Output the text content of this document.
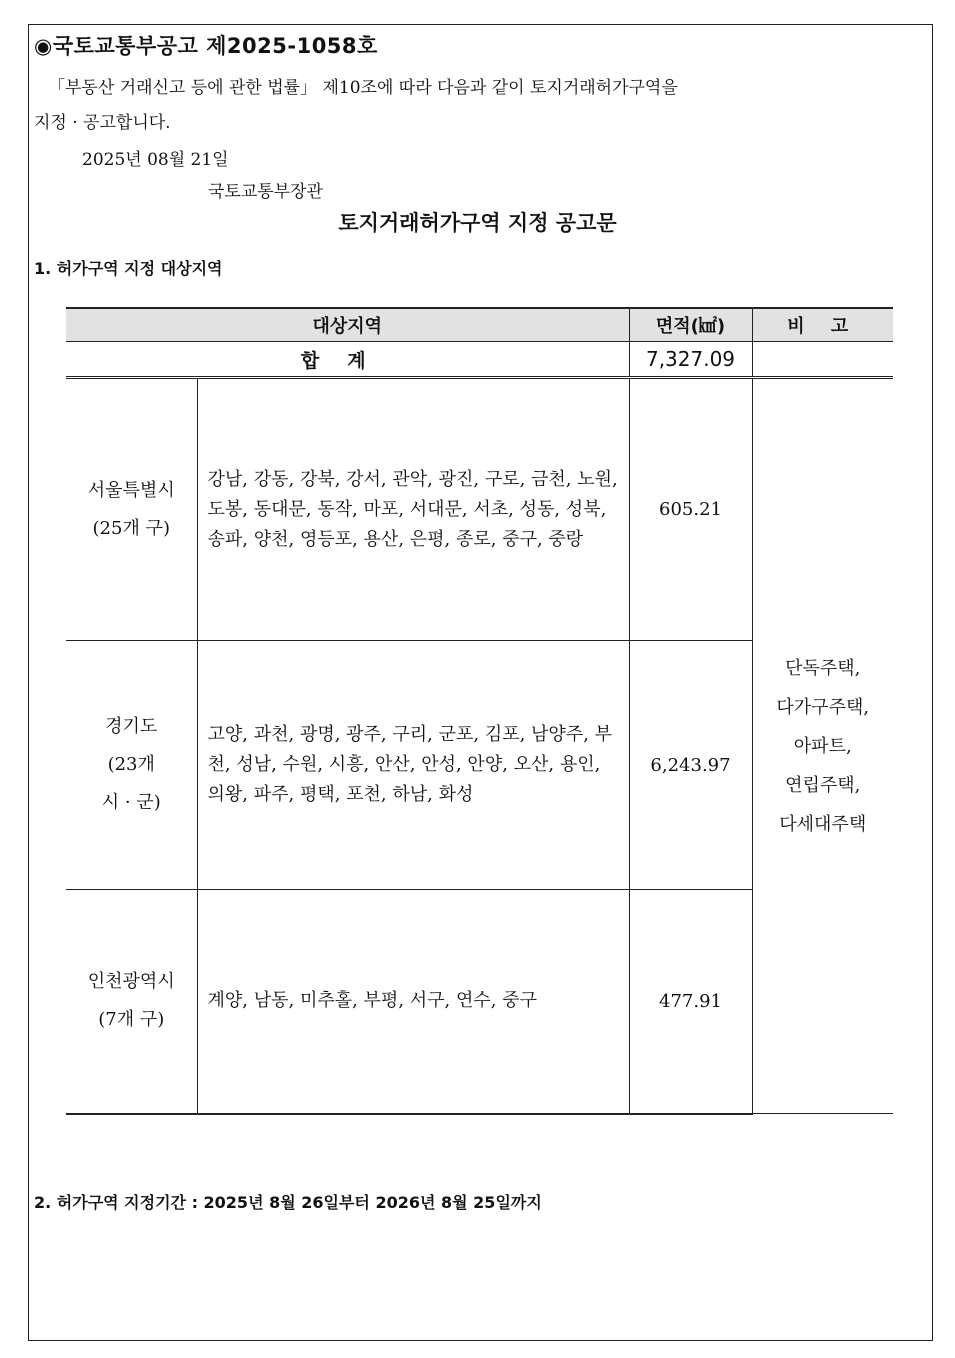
◉국토교통부공고 제2025-1058호
「부동산 거래신고 등에 관한 법률」 제10조에 따라 다음과 같이 토지거래허가구역을
지정 · 공고합니다.
2025년 08월 21일
국토교통부장관
토지거래허가구역 지정 공고문
1. 허가구역 지정 대상지역
대상지역		면적(㎢)	비 고
합계		7,327.09	

서울특별시
(25개 구)	강남, 강동, 강북, 강서, 관악, 광진, 구로, 금천, 노원, 도봉, 동대문, 동작, 마포, 서대문, 서초, 성동, 성북, 송파, 양천, 영등포, 용산, 은평, 종로, 중구, 중랑	605.21	단독주택,
다가구주택,
아파트,
연립주택,
다세대주택

경기도
(23개
시 · 군)	고양, 과천, 광명, 광주, 구리, 군포, 김포, 남양주, 부천, 성남, 수원, 시흥, 안산, 안성, 안양, 오산, 용인, 의왕, 파주, 평택, 포천, 하남, 화성	6,243.97	

인천광역시
(7개 구)	계양, 남동, 미추홀, 부평, 서구, 연수, 중구	477.91	
2. 허가구역 지정기간 : 2025년 8월 26일부터 2026년 8월 25일까지
